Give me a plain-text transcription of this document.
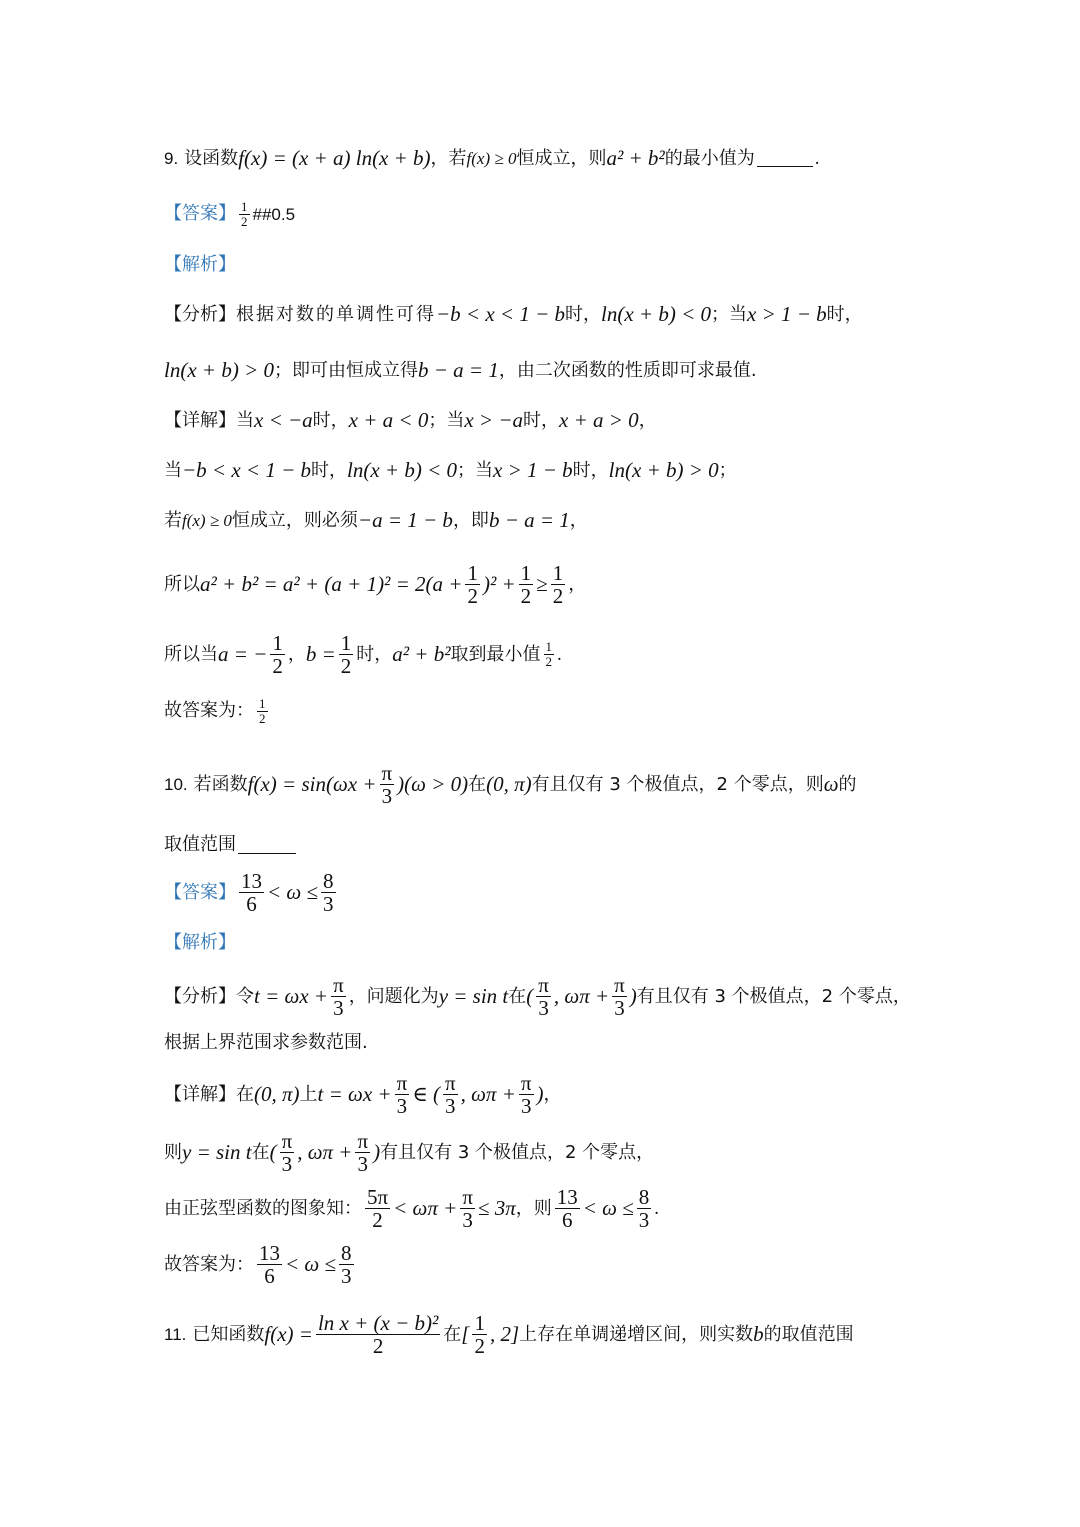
9. 设函数 f(x) = (x + a) ln(x + b) ，若 f(x) ≥ 0 恒成立，则 a² + b² 的最小值为	.
【答案】 $\frac{1}{2}$ ##0.5
【解析】
【分析】 根据对数的单调性可得 −b < x < 1 − b 时， ln(x + b) < 0 ；当 x > 1 − b 时，
ln(x + b) > 0 ；即可由恒成立得 b − a = 1 ，由二次函数的性质即可求最值.
【详解】 当 x < −a 时， x + a < 0 ；当 x > −a 时， x + a > 0 ，
当 −b < x < 1 − b 时， ln(x + b) < 0 ；当 x > 1 − b 时， ln(x + b) > 0 ；
若 f(x) ≥ 0 恒成立，则必须 −a = 1 − b ，即 b − a = 1 ，
所以 $a^2 + b^2 = a^2 + (a + 1)^2 = 2(a + \frac{1}{2} )^2 + \frac{1}{2} \ge \frac{1}{2}$ ，
所以当 a = − $\frac{1}{2}$ ， $b = \frac{1}{2}$ 时， a² + b² 取到最小值 $\frac{1}{2}$ .
故答案为： $\frac{1}{2}$
10. 若函数 $f(x) = \sin(\omega x + \frac{\pi}{3} )(\omega > 0)$ 在 (0, π) 有且仅有 3 个极值点，2 个零点，则 ω 的
取值范围
【答案】 $\frac{13}{6} < \omega \le \frac{8}{3}$
【解析】
【分析】 令 $t = \omega x + \frac{\pi}{3}$ ，问题化为 y = sin t 在 ( $\frac{\pi}{3}$ , $\omega\pi + \frac{\pi}{3}$ ) 有且仅有 3 个极值点，2 个零点，
根据上界范围求参数范围.
【详解】 在 (0, π) 上 $t = \omega x + \frac{\pi}{3}$ ∈ ( $\frac{\pi}{3}$ , $\omega\pi + \frac{\pi}{3}$ ) ，
则 y = sin t 在 ( $\frac{\pi}{3}$ , $\omega\pi + \frac{\pi}{3}$ ) 有且仅有 3 个极值点，2 个零点，
由正弦型函数的图象知： $\frac{5\pi}{2} < \omega\pi + \frac{\pi}{3} \le 3\pi$ ，则 $\frac{13}{6} < \omega \le \frac{8}{3}$ .
故答案为： $\frac{13}{6} < \omega \le \frac{8}{3}$
11. 已知函数 $f(x) = \frac{\text{ln x + (x − b)²}}{2}$ 在 [ $\frac{1}{2}$ , 2] 上存在单调递增区间，则实数 b 的取值范围
